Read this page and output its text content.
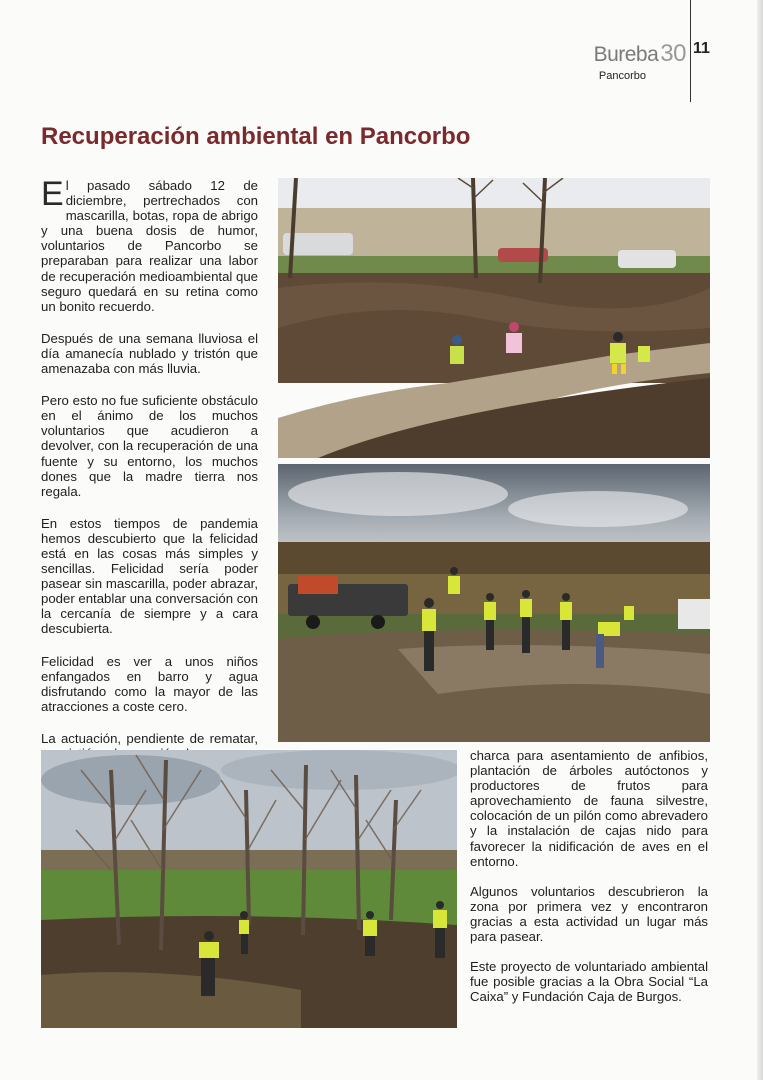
Bureba30
Pancorbo
11
Recuperación ambiental en Pancorbo

El pasado sábado 12 de diciembre, pertrechados con mascarilla, botas, ropa de abrigo y una buena dosis de humor, voluntarios de Pancorbo se preparaban para realizar una labor de recuperación medioambiental que seguro quedará en su retina como un bonito recuerdo.

Después de una semana lluviosa el día amanecía nublado y tristón que amenazaba con más lluvia.

Pero esto no fue suficiente obstáculo en el ánimo de los muchos voluntarios que acudieron a devolver, con la recuperación de una fuente y su entorno, los muchos dones que la madre tierra nos regala.

En estos tiempos de pandemia hemos descubierto que la felicidad está en las cosas más simples y sencillas. Felicidad sería poder pasear sin mascarilla, poder abrazar, poder entablar una conversación con la cercanía de siempre y a cara descubierta.

Felicidad es ver a unos niños enfangados en barro y agua disfrutando como la mayor de las atracciones a coste cero.

La actuación, pendiente de rematar,

charca para asentamiento de anfibios, plantación de árboles autóctonos y productores de frutos para aprovechamiento de fauna silvestre, colocación de un pilón como abrevadero y la instalación de cajas nido para favorecer la nidificación de aves en el entorno.

Algunos voluntarios descubrieron la zona por primera vez y encontraron gracias a esta actividad un lugar más para pasear.

Este proyecto de voluntariado ambiental fue posible gracias a la Obra Social “La Caixa” y Fundación Caja de Burgos.
